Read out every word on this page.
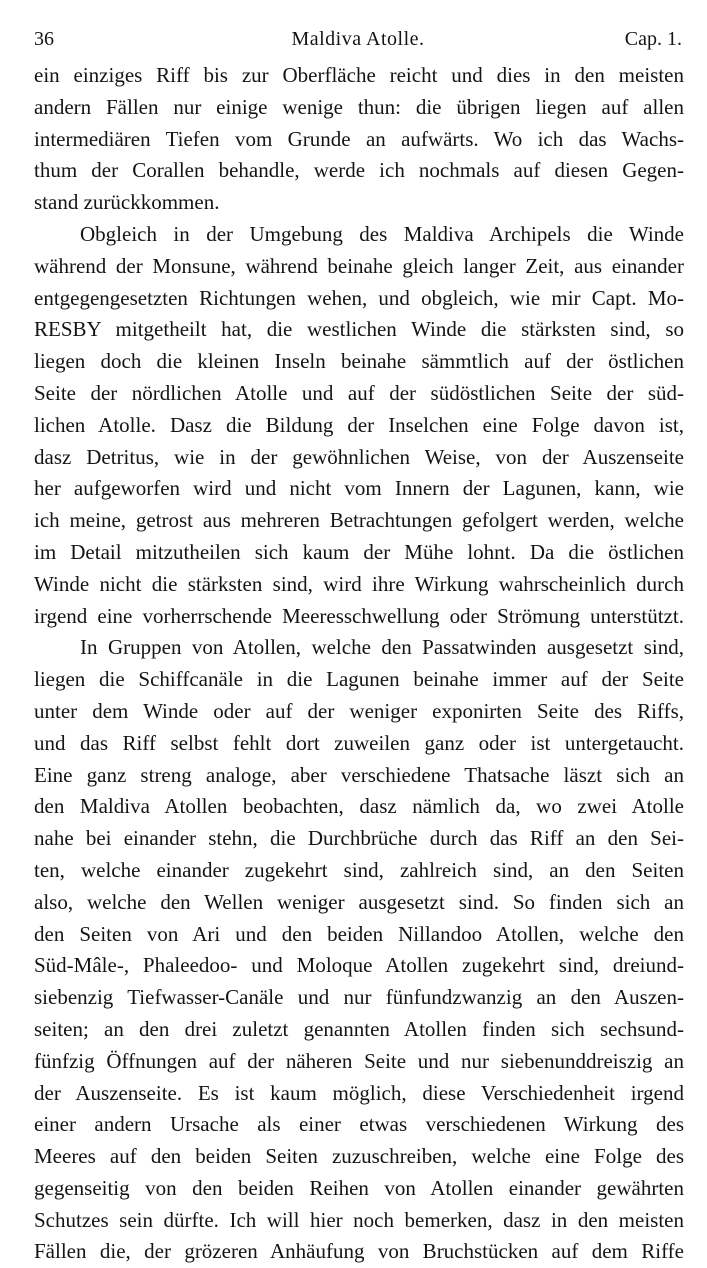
36	Maldiva Atolle.	Cap. 1.
ein einziges Riff bis zur Oberfläche reicht und dies in den meisten
andern Fällen nur einige wenige thun: die übrigen liegen auf allen
intermediären Tiefen vom Grunde an aufwärts. Wo ich das Wachs-
thum der Corallen behandle, werde ich nochmals auf diesen Gegen-
stand zurückkommen.
Obgleich in der Umgebung des Maldiva Archipels die Winde
während der Monsune, während beinahe gleich langer Zeit, aus einander
entgegengesetzten Richtungen wehen, und obgleich, wie mir Capt. Mo-
RESBY mitgetheilt hat, die westlichen Winde die stärksten sind, so
liegen doch die kleinen Inseln beinahe sämmtlich auf der östlichen
Seite der nördlichen Atolle und auf der südöstlichen Seite der süd-
lichen Atolle. Dasz die Bildung der Inselchen eine Folge davon ist,
dasz Detritus, wie in der gewöhnlichen Weise, von der Auszenseite
her aufgeworfen wird und nicht vom Innern der Lagunen, kann, wie
ich meine, getrost aus mehreren Betrachtungen gefolgert werden, welche
im Detail mitzutheilen sich kaum der Mühe lohnt. Da die östlichen
Winde nicht die stärksten sind, wird ihre Wirkung wahrscheinlich durch
irgend eine vorherrschende Meeresschwellung oder Strömung unterstützt.
In Gruppen von Atollen, welche den Passatwinden ausgesetzt sind,
liegen die Schiffcanäle in die Lagunen beinahe immer auf der Seite
unter dem Winde oder auf der weniger exponirten Seite des Riffs,
und das Riff selbst fehlt dort zuweilen ganz oder ist untergetaucht.
Eine ganz streng analoge, aber verschiedene Thatsache läszt sich an
den Maldiva Atollen beobachten, dasz nämlich da, wo zwei Atolle
nahe bei einander stehn, die Durchbrüche durch das Riff an den Sei-
ten, welche einander zugekehrt sind, zahlreich sind, an den Seiten
also, welche den Wellen weniger ausgesetzt sind. So finden sich an
den Seiten von Ari und den beiden Nillandoo Atollen, welche den
Süd-Mâle-, Phaleedoo- und Moloque Atollen zugekehrt sind, dreiund-
siebenzig Tiefwasser-Canäle und nur fünfundzwanzig an den Auszen-
seiten; an den drei zuletzt genannten Atollen finden sich sechsund-
fünfzig Öffnungen auf der näheren Seite und nur siebenunddreiszig an
der Auszenseite. Es ist kaum möglich, diese Verschiedenheit irgend
einer andern Ursache als einer etwas verschiedenen Wirkung des
Meeres auf den beiden Seiten zuzuschreiben, welche eine Folge des
gegenseitig von den beiden Reihen von Atollen einander gewährten
Schutzes sein dürfte. Ich will hier noch bemerken, dasz in den meisten
Fällen die, der grözeren Anhäufung von Bruchstücken auf dem Riffe
